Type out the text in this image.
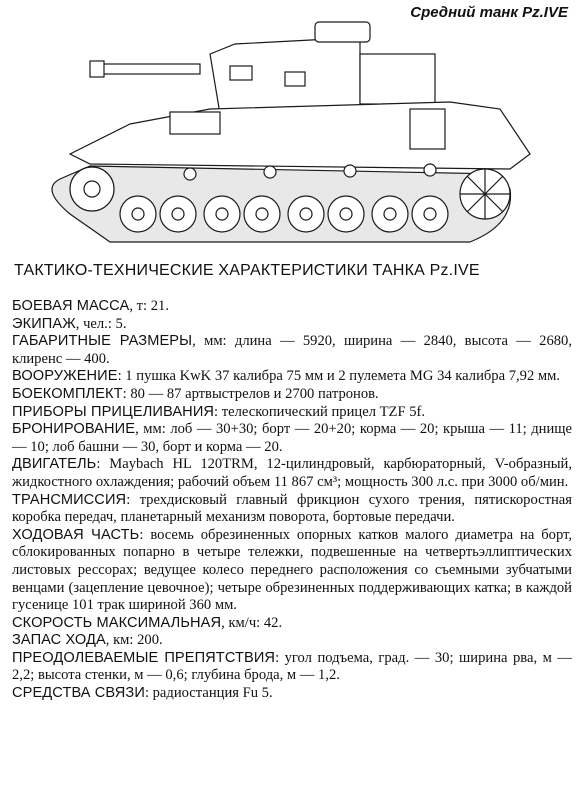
Средний танк Pz.IVE
ТАКТИКО-ТЕХНИЧЕСКИЕ ХАРАКТЕРИСТИКИ ТАНКА Pz.IVE

БОЕВАЯ МАССА, т: 21.

ЭКИПАЖ, чел.: 5.

ГАБАРИТНЫЕ РАЗМЕРЫ, мм: длина — 5920, ширина — 2840, высота — 2680, клиренс — 400.

ВООРУЖЕНИЕ: 1 пушка KwK 37 калибра 75 мм и 2 пулемета MG 34 калибра 7,92 мм.

БОЕКОМПЛЕКТ: 80 — 87 артвыстрелов и 2700 патронов.

ПРИБОРЫ ПРИЦЕЛИВАНИЯ: телескопический прицел TZF 5f.

БРОНИРОВАНИЕ, мм: лоб — 30+30; борт — 20+20; корма — 20; крыша — 11; днище — 10; лоб башни — 30, борт и корма — 20.

ДВИГАТЕЛЬ: Maybach HL 120TRM, 12-цилиндровый, карбюраторный, V-образный, жидкостного охлаждения; рабочий объем 11 867 см³; мощность 300 л.с. при 3000 об/мин.

ТРАНСМИССИЯ: трехдисковый главный фрикцион сухого трения, пятискоростная коробка передач, планетарный механизм поворота, бортовые передачи.

ХОДОВАЯ ЧАСТЬ: восемь обрезиненных опорных катков малого диаметра на борт, сблокированных попарно в четыре тележки, подвешенные на четвертьэллиптических листовых рессорах; ведущее колесо переднего расположения со съемными зубчатыми венцами (зацепление цевочное); четыре обрезиненных поддерживающих катка; в каждой гусенице 101 трак шириной 360 мм.

СКОРОСТЬ МАКСИМАЛЬНАЯ, км/ч: 42.

ЗАПАС ХОДА, км: 200.

ПРЕОДОЛЕВАЕМЫЕ ПРЕПЯТСТВИЯ: угол подъема, град. — 30; ширина рва, м — 2,2; высота стенки, м — 0,6; глубина брода, м — 1,2.

СРЕДСТВА СВЯЗИ: радиостанция Fu 5.
